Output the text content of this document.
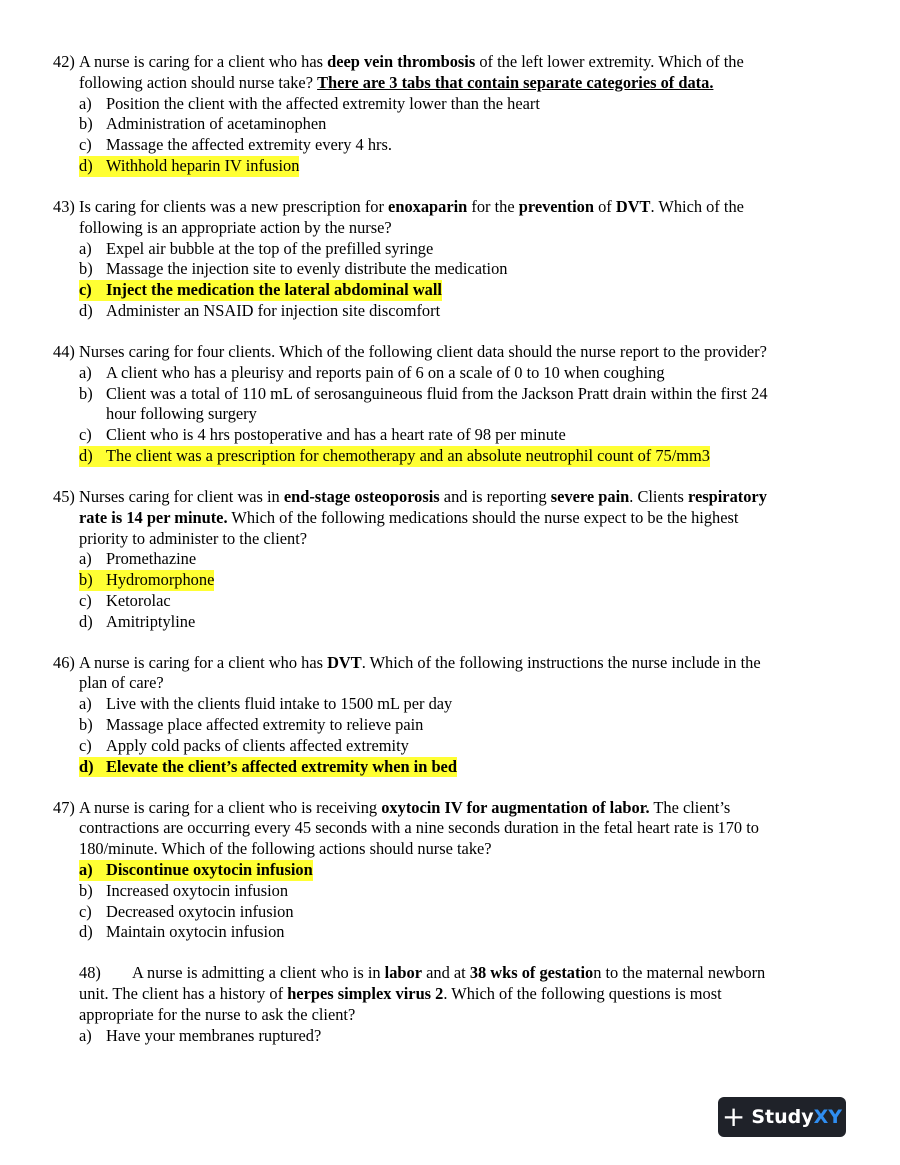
42) A nurse is caring for a client who has deep vein thrombosis of the left lower extremity. Which of the
following action should nurse take? There are 3 tabs that contain separate categories of data.
a) Position the client with the affected extremity lower than the heart
b) Administration of acetaminophen
c) Massage the affected extremity every 4 hrs.
d) Withhold heparin IV infusion
43) Is caring for clients was a new prescription for enoxaparin for the prevention of DVT. Which of the
following is an appropriate action by the nurse?
a) Expel air bubble at the top of the prefilled syringe
b) Massage the injection site to evenly distribute the medication
c) Inject the medication the lateral abdominal wall
d) Administer an NSAID for injection site discomfort
44) Nurses caring for four clients. Which of the following client data should the nurse report to the provider?
a) A client who has a pleurisy and reports pain of 6 on a scale of 0 to 10 when coughing
b) Client was a total of 110 mL of serosanguineous fluid from the Jackson Pratt drain within the first 24
hour following surgery
c) Client who is 4 hrs postoperative and has a heart rate of 98 per minute
d) The client was a prescription for chemotherapy and an absolute neutrophil count of 75/mm3
45) Nurses caring for client was in end-stage osteoporosis and is reporting severe pain. Clients respiratory
rate is 14 per minute. Which of the following medications should the nurse expect to be the highest
priority to administer to the client?
a) Promethazine
b) Hydromorphone
c) Ketorolac
d) Amitriptyline
46) A nurse is caring for a client who has DVT. Which of the following instructions the nurse include in the
plan of care?
a) Live with the clients fluid intake to 1500 mL per day
b) Massage place affected extremity to relieve pain
c) Apply cold packs of clients affected extremity
d) Elevate the client’s affected extremity when in bed
47) A nurse is caring for a client who is receiving oxytocin IV for augmentation of labor. The client’s
contractions are occurring every 45 seconds with a nine seconds duration in the fetal heart rate is 170 to
180/minute. Which of the following actions should nurse take?
a) Discontinue oxytocin infusion
b) Increased oxytocin infusion
c) Decreased oxytocin infusion
d) Maintain oxytocin infusion
48) A nurse is admitting a client who is in labor and at 38 wks of gestation to the maternal newborn
unit. The client has a history of herpes simplex virus 2. Which of the following questions is most
appropriate for the nurse to ask the client?
a) Have your membranes ruptured?
+ Study XY
